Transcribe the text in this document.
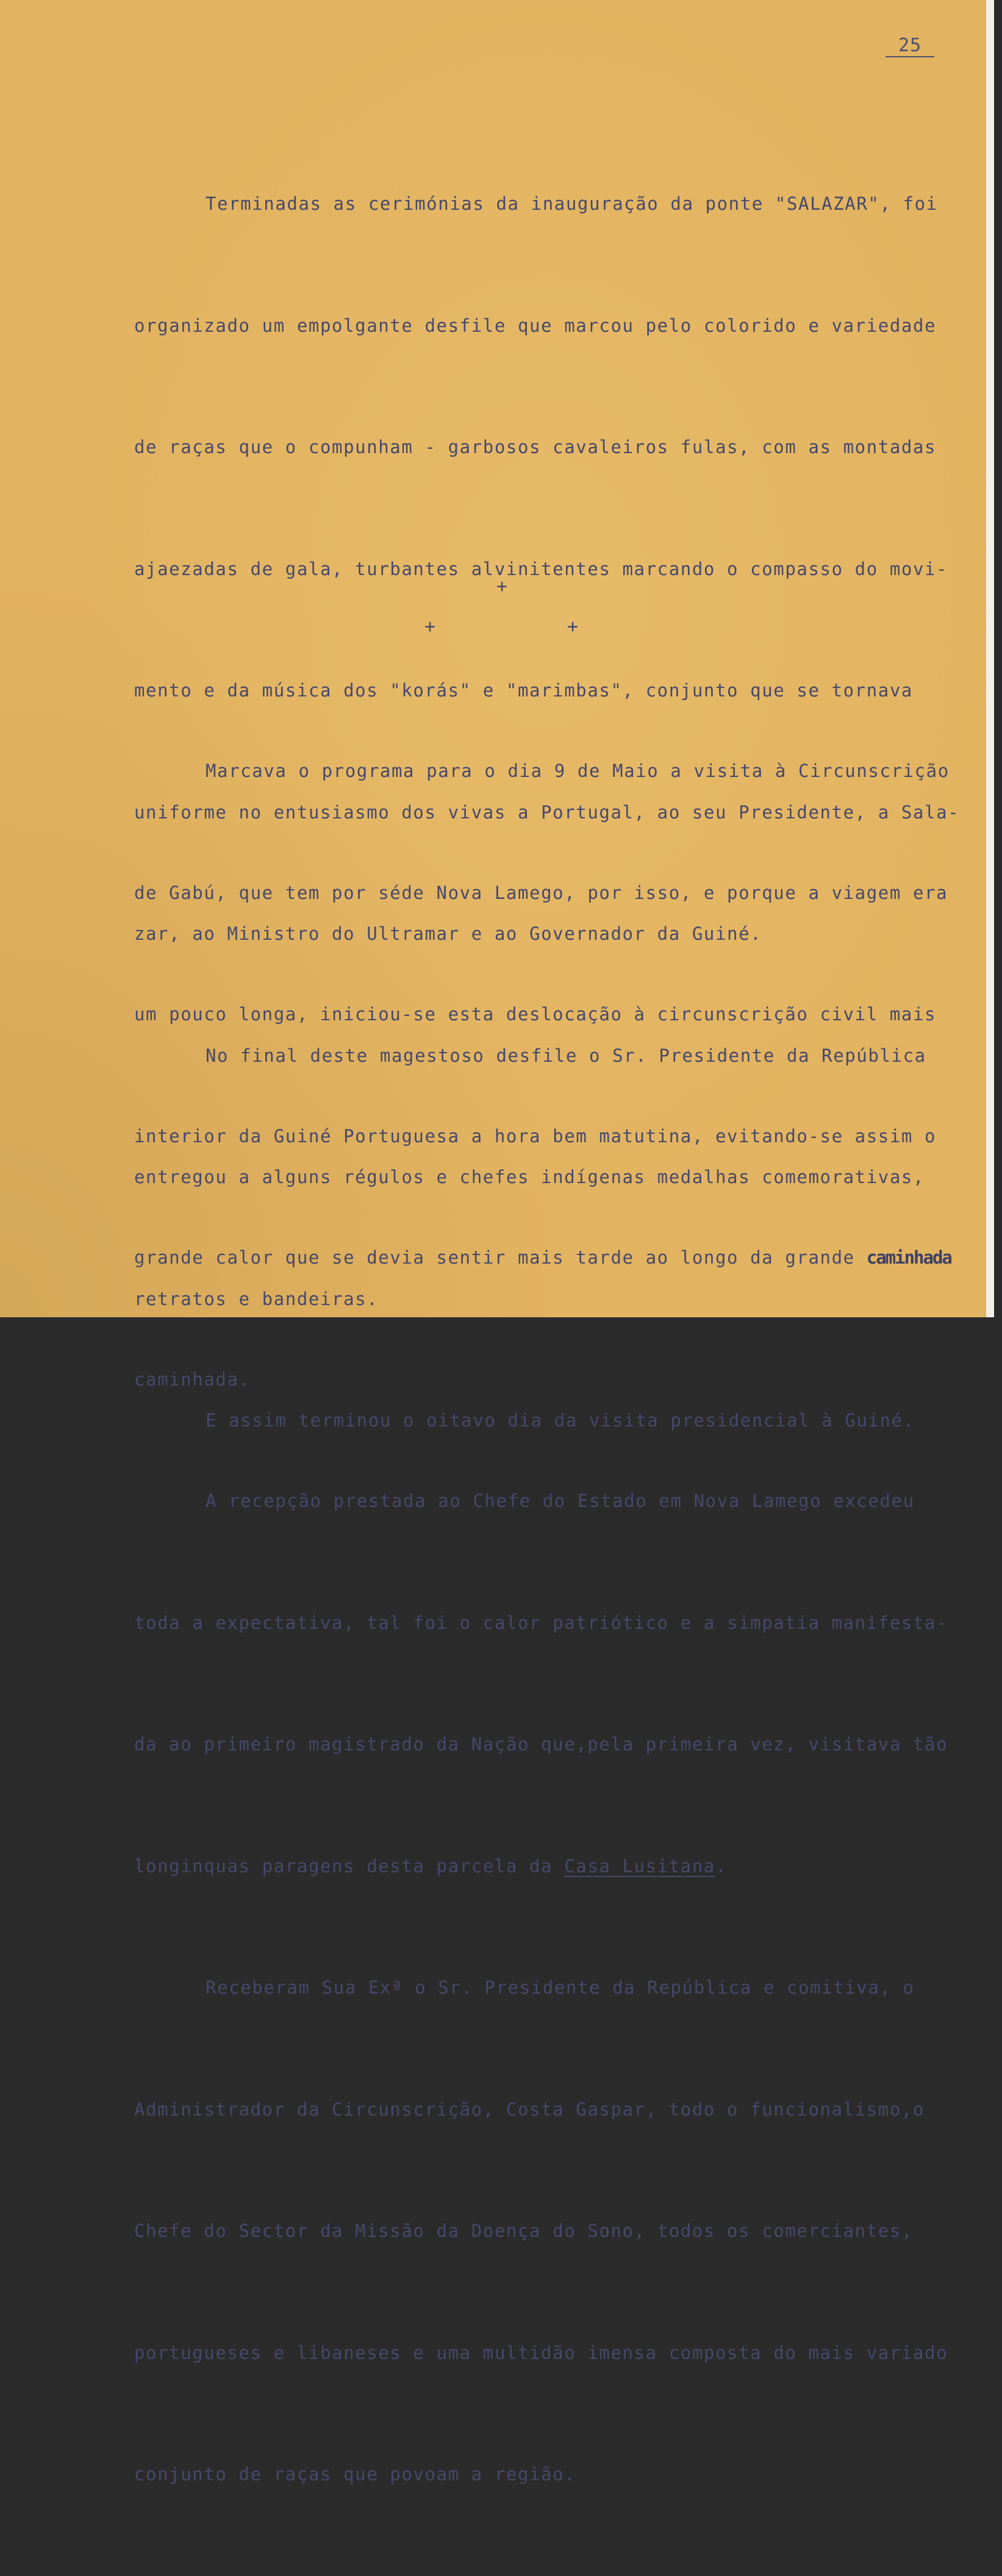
25

Terminadas as cerimónias da inauguração da ponte "SALAZAR", foi

organizado um empolgante desfile que marcou pelo colorido e variedade

de raças que o compunham - garbosos cavaleiros fulas, com as montadas

ajaezadas de gala, turbantes alvinitentes marcando o compasso do movi-

mento e da música dos "korás" e "marimbas", conjunto que se tornava

uniforme no entusiasmo dos vivas a Portugal, ao seu Presidente, a Sala-

zar, ao Ministro do Ultramar e ao Governador da Guiné.

No final deste magestoso desfile o Sr. Presidente da República

entregou a alguns régulos e chefes indígenas medalhas comemorativas,

retratos e bandeiras.

E assim terminou o oitavo dia da visita presidencial à Guiné.

+
+	+

Marcava o programa para o dia 9 de Maio a visita à Circunscrição

de Gabú, que tem por séde Nova Lamego, por isso, e porque a viagem era

um pouco longa, iniciou-se esta deslocação à circunscrição civil mais

interior da Guiné Portuguesa a hora bem matutina, evitando-se assim o

grande calor que se devia sentir mais tarde ao longo da grande caminhada

caminhada.

A recepção prestada ao Chefe do Estado em Nova Lamego excedeu

toda a expectativa, tal foi o calor patriótico e a simpatia manifesta-

da ao primeiro magistrado da Nação que,pela primeira vez, visitava tão

longinquas paragens desta parcela da Casa Lusitana.

Receberam Sua Exª o Sr. Presidente da República e comitiva, o

Administrador da Circunscrição, Costa Gaspar, todo o funcionalismo,o

Chefe do Sector da Missão da Doença do Sono, todos os comerciantes,

portugueses e libaneses e uma multidão imensa composta do mais variado

conjunto de raças que povoam a região.
